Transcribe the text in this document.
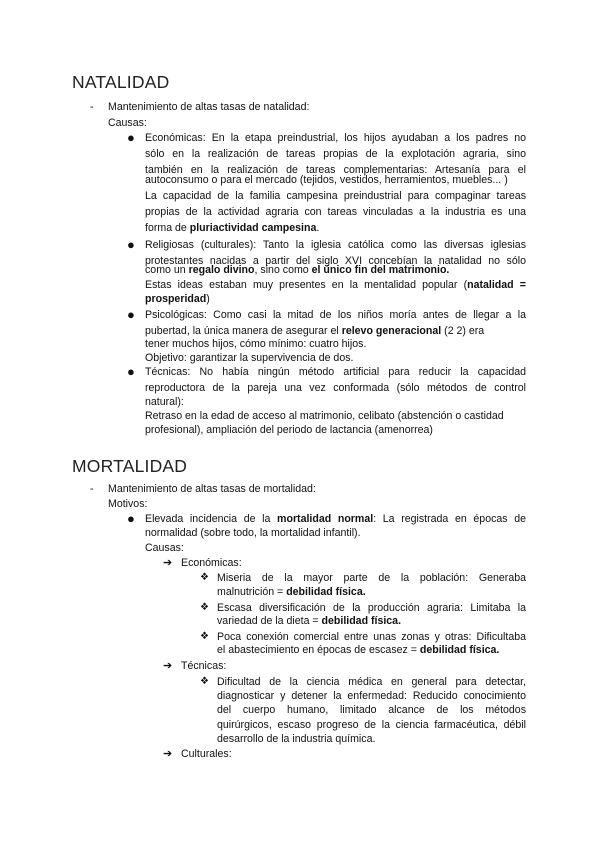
NATALIDAD
- Mantenimiento de altas tasas de natalidad:
Causas:
● Económicas: En la etapa preindustrial, los hijos ayudaban a los padres no
sólo en la realización de tareas propias de la explotación agraria, sino
también en la realización de tareas complementarias: Artesanía para el
autoconsumo o para el mercado (tejidos, vestidos, herramientos, muebles... )
La capacidad de la familia campesina preindustrial para compaginar tareas
propias de la actividad agraria con tareas vinculadas a la industria es una
forma de pluriactividad campesina.
● Religiosas (culturales): Tanto la iglesia católica como las diversas iglesias
protestantes nacidas a partir del siglo XVI concebían la natalidad no sólo
como un regalo divino, sino como el único fin del matrimonio.
Estas ideas estaban muy presentes en la mentalidad popular (natalidad =
prosperidad)
● Psicológicas: Como casi la mitad de los niños moría antes de llegar a la
pubertad, la única manera de asegurar el relevo generacional (2 2) era
tener muchos hijos, cómo mínimo: cuatro hijos.
Objetivo: garantizar la supervivencia de dos.
● Técnicas: No había ningún método artificial para reducir la capacidad
reproductora de la pareja una vez conformada (sólo métodos de control
natural):
Retraso en la edad de acceso al matrimonio, celibato (abstención o castidad
profesional), ampliación del periodo de lactancia (amenorrea)
MORTALIDAD
- Mantenimiento de altas tasas de mortalidad:
Motivos:
● Elevada incidencia de la mortalidad normal: La registrada en épocas de
normalidad (sobre todo, la mortalidad infantil).
Causas:
➔ Económicas:
❖ Miseria de la mayor parte de la población: Generaba
malnutrición = debilidad física.
❖ Escasa diversificación de la producción agraria: Limitaba la
variedad de la dieta = debilidad física.
❖ Poca conexión comercial entre unas zonas y otras: Dificultaba
el abastecimiento en épocas de escasez = debilidad física.
➔ Técnicas:
❖ Dificultad de la ciencia médica en general para detectar,
diagnosticar y detener la enfermedad: Reducido conocimiento
del cuerpo humano, limitado alcance de los métodos
quirúrgicos, escaso progreso de la ciencia farmacéutica, débil
desarrollo de la industria química.
➔ Culturales:
